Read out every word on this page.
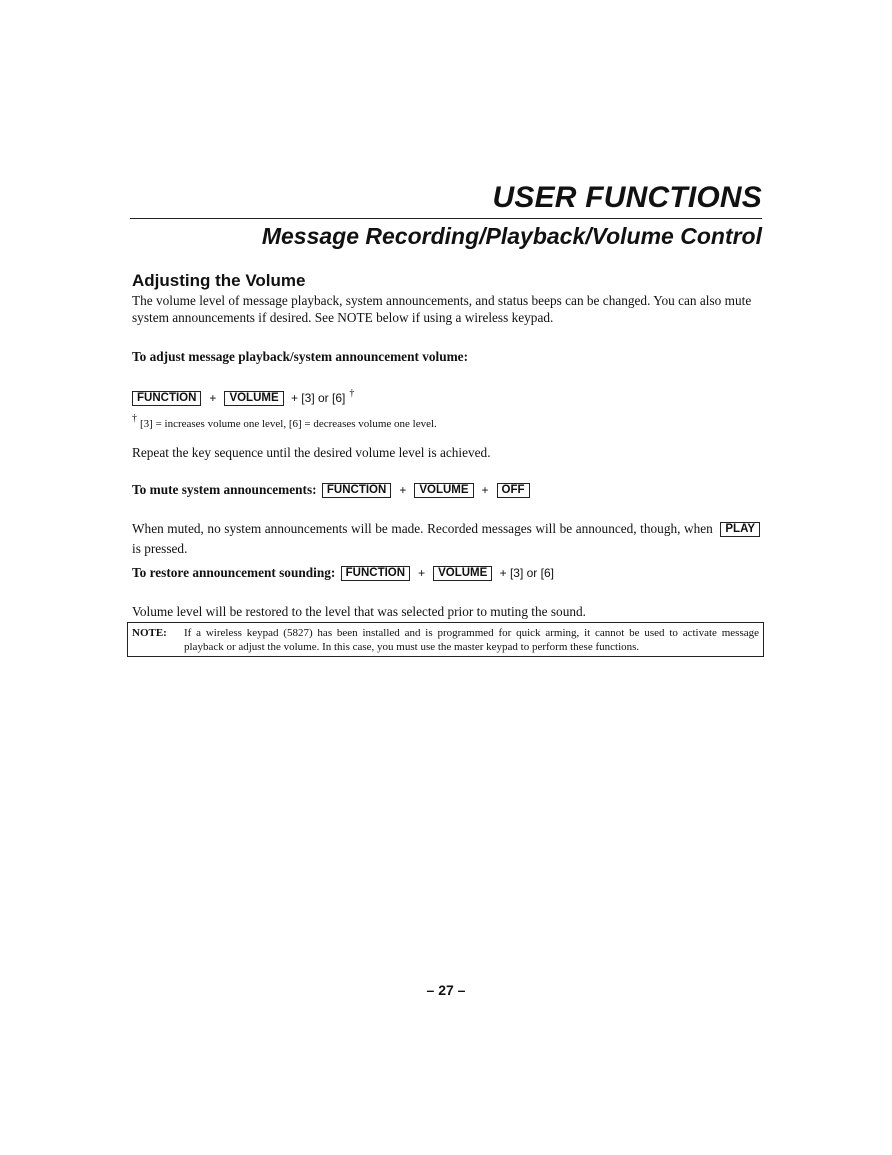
USER FUNCTIONS
Message Recording/Playback/Volume Control
Adjusting the Volume

The volume level of message playback, system announcements, and status beeps can be changed. You can also mute system announcements if desired. See NOTE below if using a wireless keypad.

To adjust message playback/system announcement volume:

FUNCTION + VOLUME + [3] or [6] †

† [3] = increases volume one level, [6] = decreases volume one level.

Repeat the key sequence until the desired volume level is achieved.

To mute system announcements: FUNCTION + VOLUME + OFF

When muted, no system announcements will be made. Recorded messages will be announced, though, when PLAY is pressed.

To restore announcement sounding: FUNCTION + VOLUME + [3] or [6]

Volume level will be restored to the level that was selected prior to muting the sound.

NOTE:	If a wireless keypad (5827) has been installed and is programmed for quick arming, it cannot be used to activate message playback or adjust the volume. In this case, you must use the master keypad to perform these functions.
– 27 –
